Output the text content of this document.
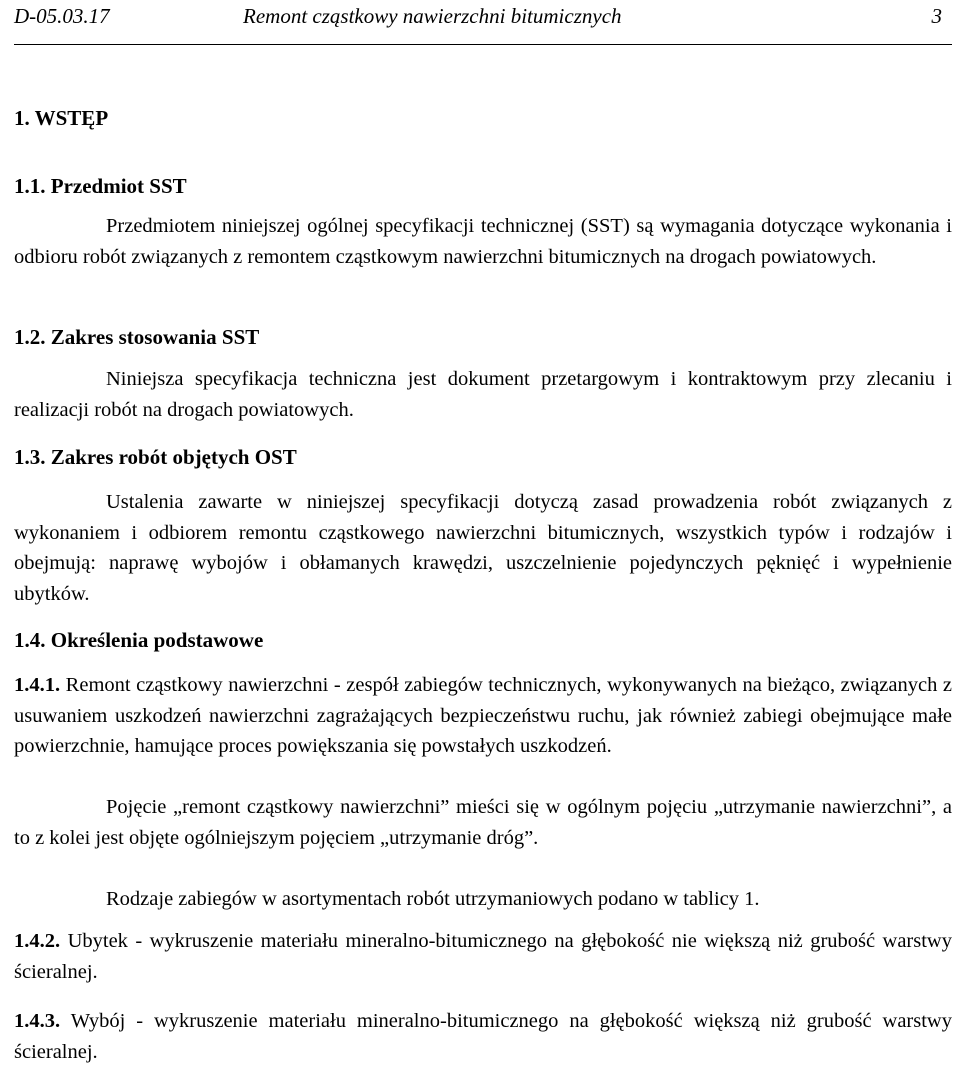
D-05.03.17	Remont cząstkowy nawierzchni bitumicznych	3
1. WSTĘP
1.1. Przedmiot SST
Przedmiotem niniejszej ogólnej specyfikacji technicznej (SST) są wymagania dotyczące wykonania i odbioru robót związanych z remontem cząstkowym nawierzchni bitumicznych na drogach powiatowych.
1.2. Zakres stosowania SST
Niniejsza specyfikacja techniczna jest dokument przetargowym i kontraktowym przy zlecaniu i realizacji robót na drogach powiatowych.
1.3. Zakres robót objętych OST
Ustalenia zawarte w niniejszej specyfikacji dotyczą zasad prowadzenia robót związanych z wykonaniem i odbiorem remontu cząstkowego nawierzchni bitumicznych, wszystkich typów i rodzajów i obejmują: naprawę wybojów i obłamanych krawędzi, uszczelnienie pojedynczych pęknięć i wypełnienie ubytków.
1.4. Określenia podstawowe
1.4.1. Remont cząstkowy nawierzchni - zespół zabiegów technicznych, wykonywanych na bieżąco, związanych z usuwaniem uszkodzeń nawierzchni zagrażających bezpieczeństwu ruchu, jak również zabiegi obejmujące małe powierzchnie, hamujące proces powiększania się powstałych uszkodzeń.
Pojęcie „remont cząstkowy nawierzchni” mieści się w ogólnym pojęciu „utrzymanie nawierzchni”, a to z kolei jest objęte ogólniejszym pojęciem „utrzymanie dróg”.
Rodzaje zabiegów w asortymentach robót utrzymaniowych podano w tablicy 1.
1.4.2. Ubytek - wykruszenie materiału mineralno-bitumicznego na głębokość nie większą niż grubość warstwy ścieralnej.
1.4.3. Wybój - wykruszenie materiału mineralno-bitumicznego na głębokość większą niż grubość warstwy ścieralnej.
